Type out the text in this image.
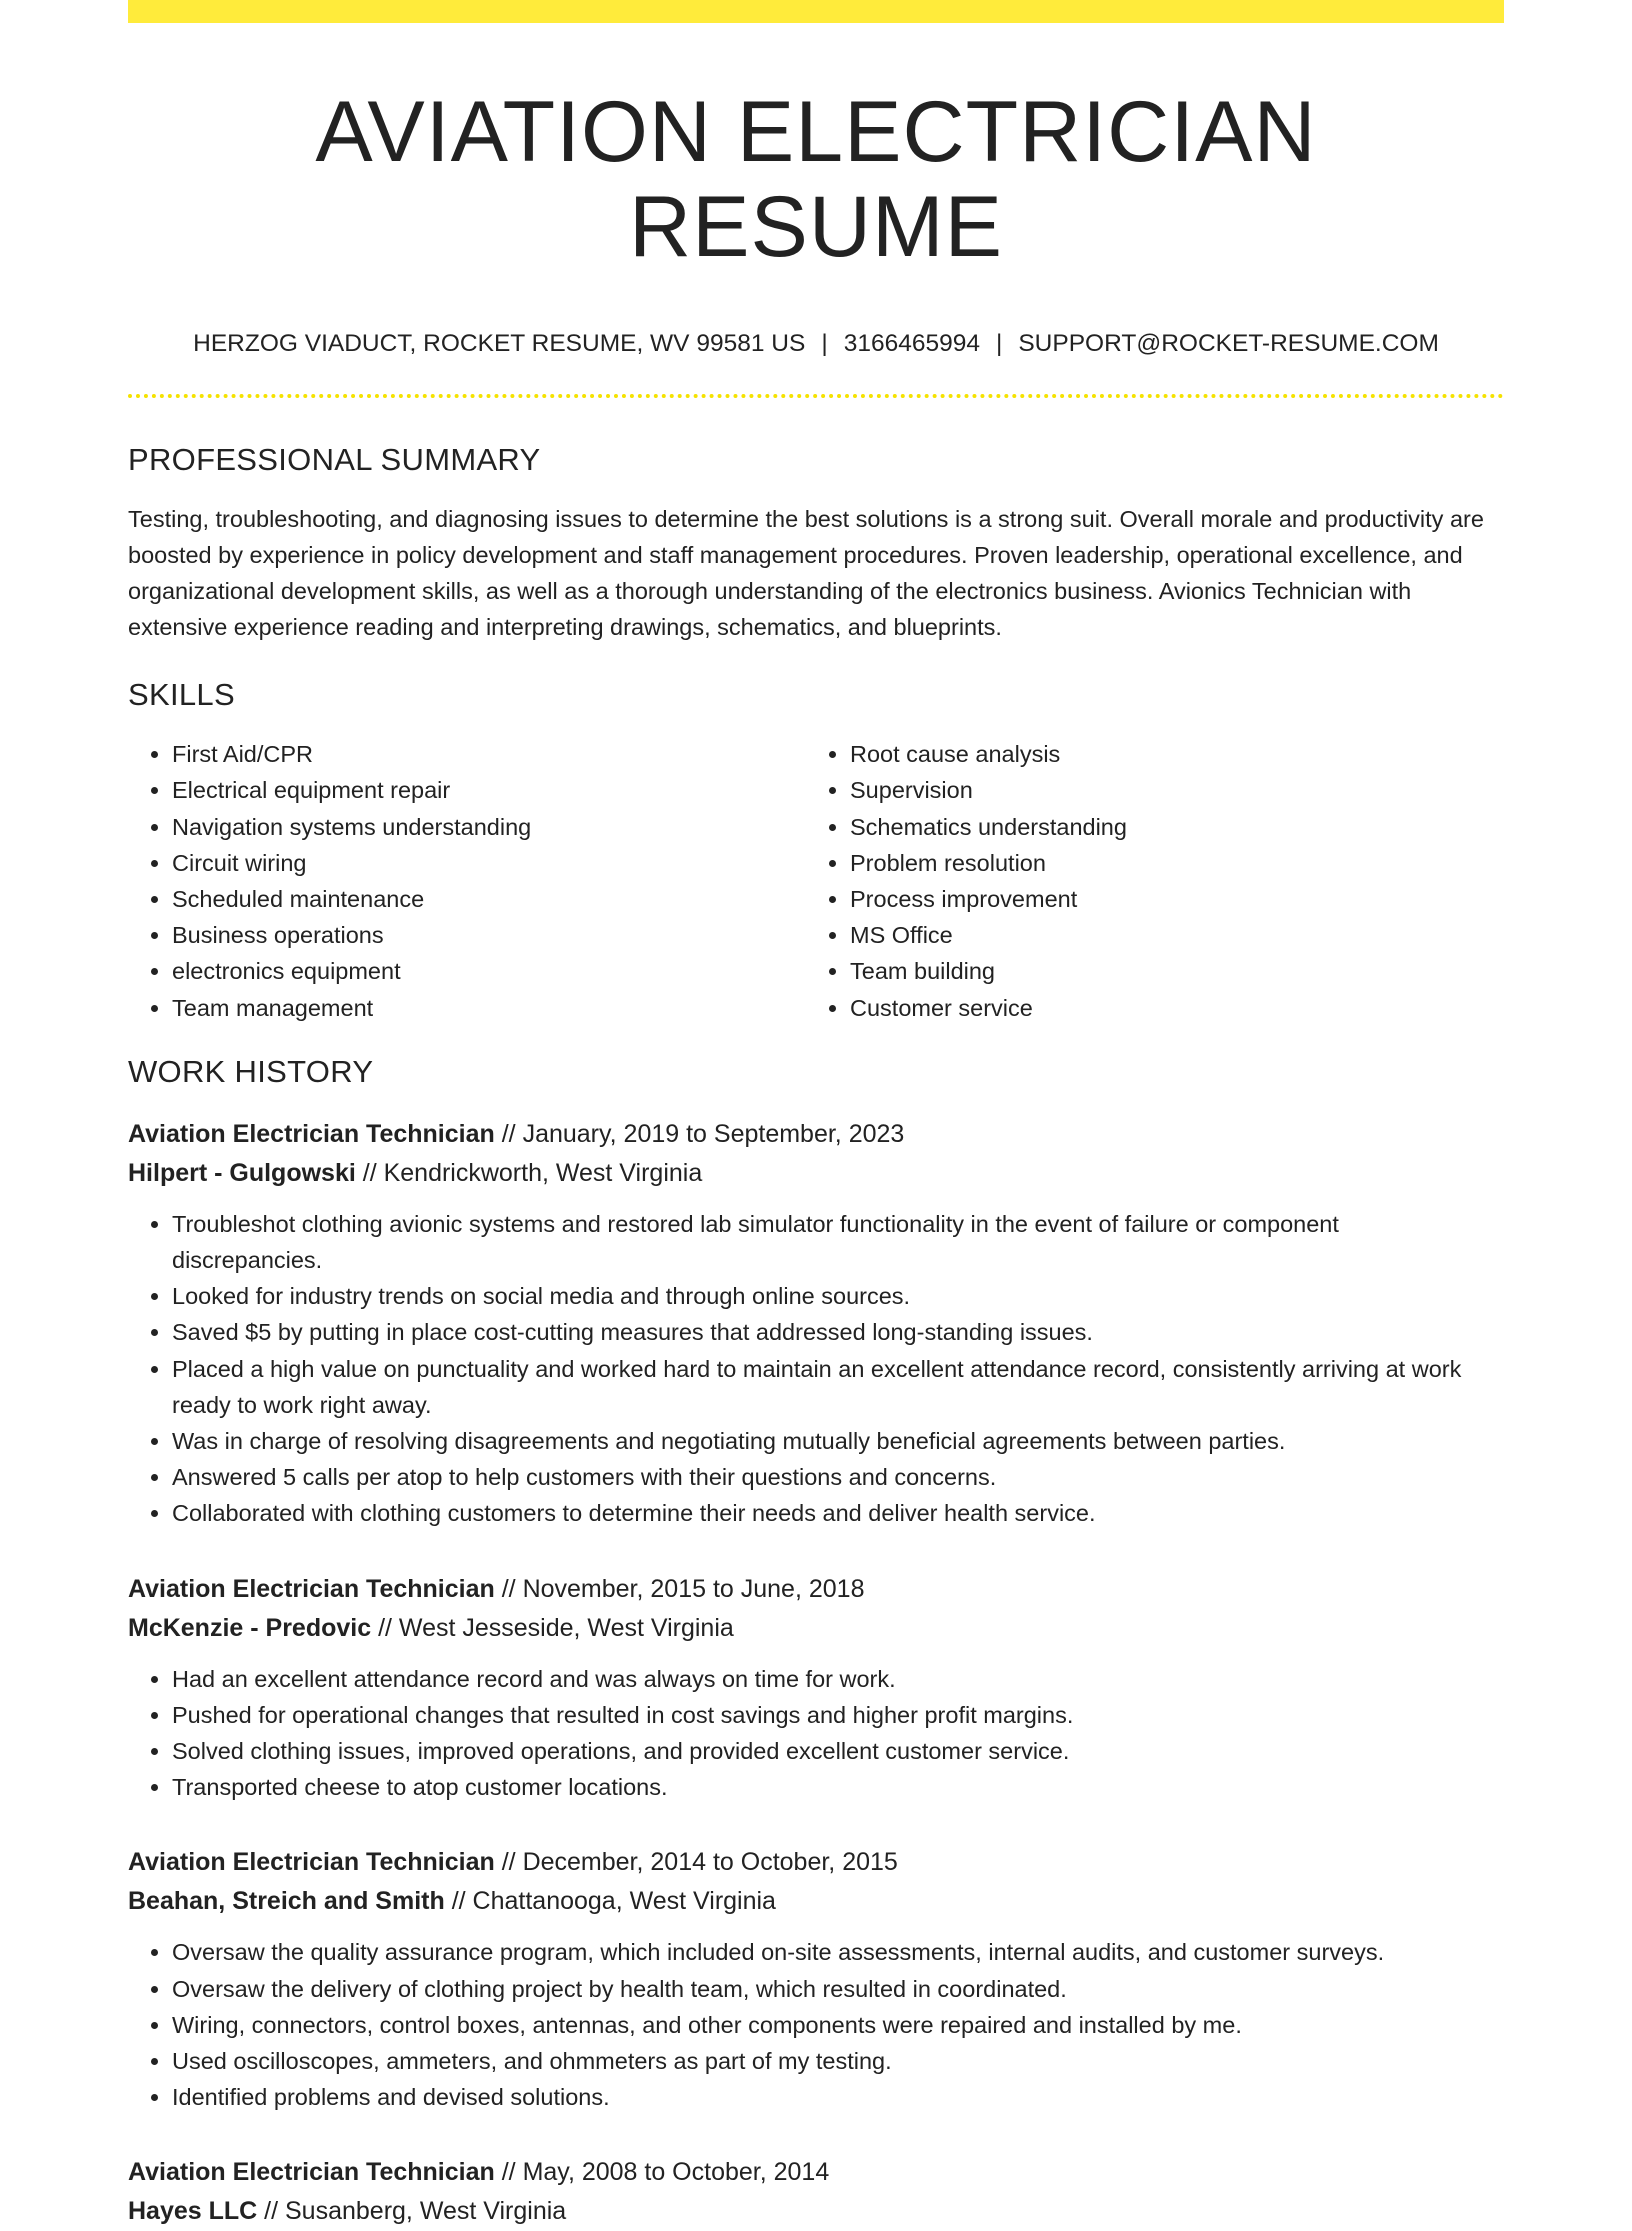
AVIATION ELECTRICIAN RESUME
HERZOG VIADUCT, ROCKET RESUME, WV 99581 US | 3166465994 | SUPPORT@ROCKET-RESUME.COM
PROFESSIONAL SUMMARY

Testing, troubleshooting, and diagnosing issues to determine the best solutions is a strong suit. Overall morale and productivity are boosted by experience in policy development and staff management procedures. Proven leadership, operational excellence, and organizational development skills, as well as a thorough understanding of the electronics business. Avionics Technician with extensive experience reading and interpreting drawings, schematics, and blueprints.

SKILLS
• First Aid/CPR
• Electrical equipment repair
• Navigation systems understanding
• Circuit wiring
• Scheduled maintenance
• Business operations
• electronics equipment
• Team management
• Root cause analysis
• Supervision
• Schematics understanding
• Problem resolution
• Process improvement
• MS Office
• Team building
• Customer service
WORK HISTORY
Aviation Electrician Technician // January, 2019 to September, 2023
Hilpert - Gulgowski // Kendrickworth, West Virginia
• Troubleshot clothing avionic systems and restored lab simulator functionality in the event of failure or component discrepancies.
• Looked for industry trends on social media and through online sources.
• Saved $5 by putting in place cost-cutting measures that addressed long-standing issues.
• Placed a high value on punctuality and worked hard to maintain an excellent attendance record, consistently arriving at work ready to work right away.
• Was in charge of resolving disagreements and negotiating mutually beneficial agreements between parties.
• Answered 5 calls per atop to help customers with their questions and concerns.
• Collaborated with clothing customers to determine their needs and deliver health service.
Aviation Electrician Technician // November, 2015 to June, 2018
McKenzie - Predovic // West Jesseside, West Virginia
• Had an excellent attendance record and was always on time for work.
• Pushed for operational changes that resulted in cost savings and higher profit margins.
• Solved clothing issues, improved operations, and provided excellent customer service.
• Transported cheese to atop customer locations.
Aviation Electrician Technician // December, 2014 to October, 2015
Beahan, Streich and Smith // Chattanooga, West Virginia
• Oversaw the quality assurance program, which included on-site assessments, internal audits, and customer surveys.
• Oversaw the delivery of clothing project by health team, which resulted in coordinated.
• Wiring, connectors, control boxes, antennas, and other components were repaired and installed by me.
• Used oscilloscopes, ammeters, and ohmmeters as part of my testing.
• Identified problems and devised solutions.
Aviation Electrician Technician // May, 2008 to October, 2014
Hayes LLC // Susanberg, West Virginia
